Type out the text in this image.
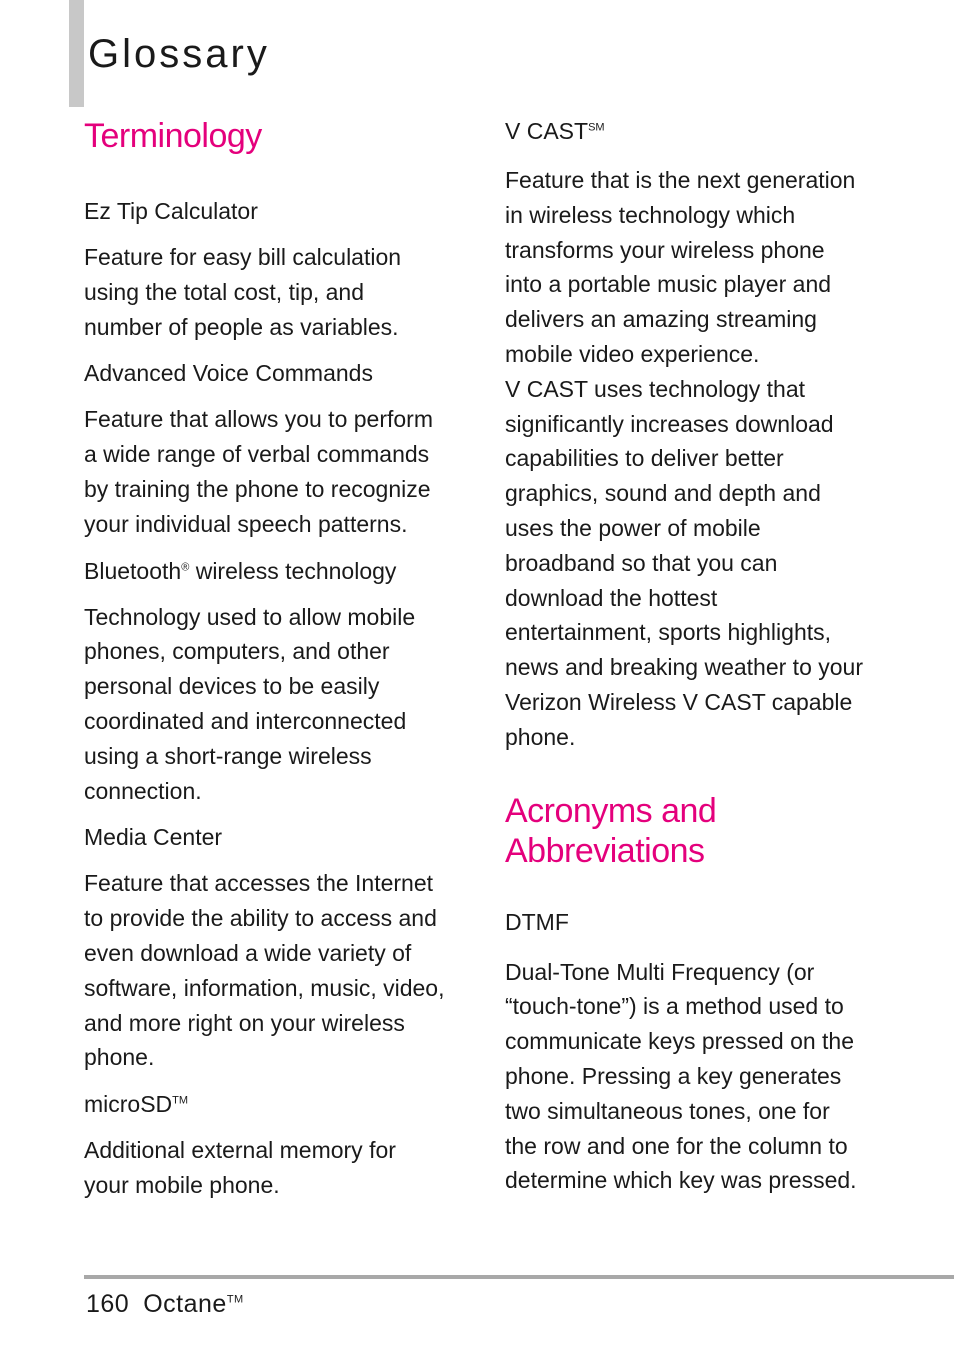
Glossary
Terminology

Ez Tip Calculator

Feature for easy bill calculation
using the total cost, tip, and
number of people as variables.

Advanced Voice Commands

Feature that allows you to perform
a wide range of verbal commands
by training the phone to recognize
your individual speech patterns.

Bluetooth® wireless technology

Technology used to allow mobile
phones, computers, and other
personal devices to be easily
coordinated and interconnected
using a short-range wireless
connection.

Media Center

Feature that accesses the Internet
to provide the ability to access and
even download a wide variety of
software, information, music, video,
and more right on your wireless
phone.

microSD™

Additional external memory for
your mobile phone.

V CAST℠

Feature that is the next generation
in wireless technology which
transforms your wireless phone
into a portable music player and
delivers an amazing streaming
mobile video experience.
V CAST uses technology that
significantly increases download
capabilities to deliver better
graphics, sound and depth and
uses the power of mobile
broadband so that you can
download the hottest
entertainment, sports highlights,
news and breaking weather to your
Verizon Wireless V CAST capable
phone.

Acronyms and
Abbreviations

DTMF

Dual-Tone Multi Frequency (or
“touch-tone”) is a method used to
communicate keys pressed on the
phone. Pressing a key generates
two simultaneous tones, one for
the row and one for the column to
determine which key was pressed.

160 Octane™
